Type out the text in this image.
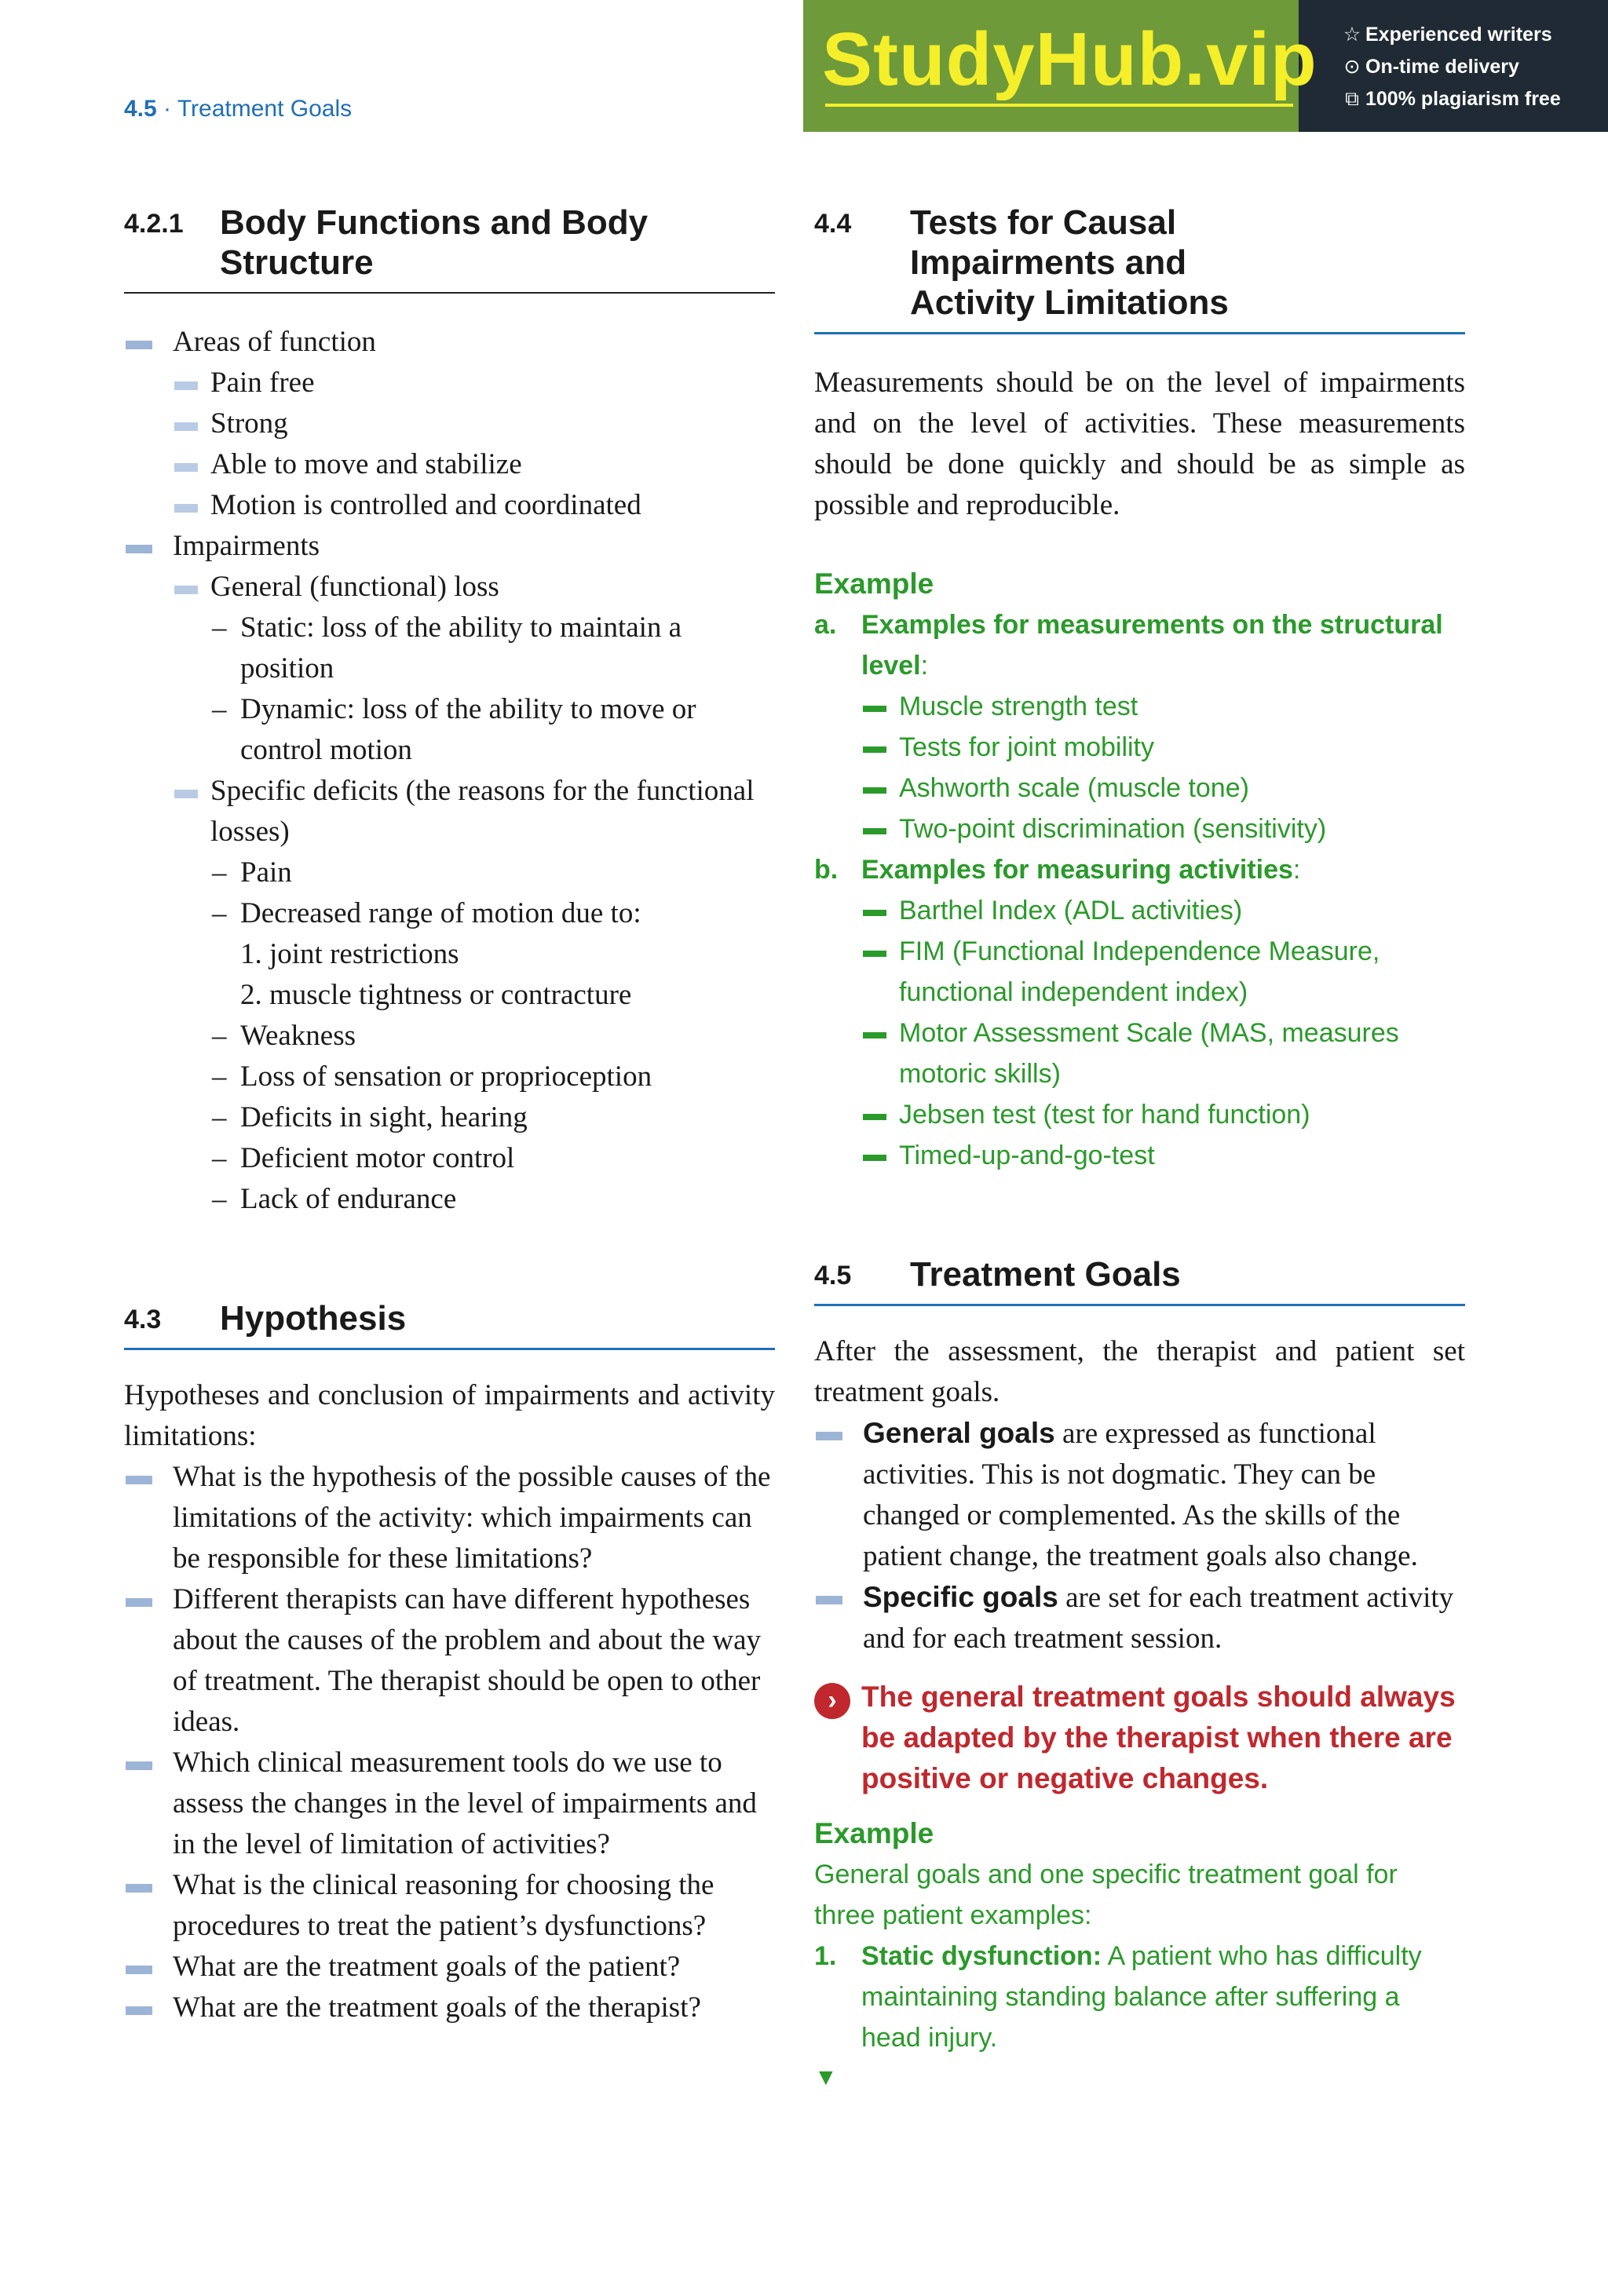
4.5 · Treatment Goals
StudyHub.vip ☆ Experienced writers
⊙ On-time delivery
⧉ 100% plagiarism free
4.2.1	Body Functions and Body Structure
Areas of function
Pain free
Strong
Able to move and stabilize
Motion is controlled and coordinated
Impairments
General (functional) loss
– Static: loss of the ability to maintain a position
– Dynamic: loss of the ability to move or control motion
Specific deficits (the reasons for the functional losses)
– Pain
– Decreased range of motion due to:
1. joint restrictions
2. muscle tightness or contracture
– Weakness
– Loss of sensation or proprioception
– Deficits in sight, hearing
– Deficient motor control
– Lack of endurance
4.3	Hypothesis
Hypotheses and conclusion of impairments and activity limitations:
What is the hypothesis of the possible causes of the limitations of the activity: which impairments can be responsible for these limitations?
Different therapists can have different hypotheses about the causes of the problem and about the way of treatment. The therapist should be open to other ideas.
Which clinical measurement tools do we use to assess the changes in the level of impairments and in the level of limitation of activities?
What is the clinical reasoning for choosing the procedures to treat the patient’s dysfunctions?
What are the treatment goals of the patient?
What are the treatment goals of the therapist?
4.4	Tests for Causal Impairments and Activity Limitations
Measurements should be on the level of impairments and on the level of activities. These measurements should be done quickly and should be as simple as possible and reproducible.
Example
a. Examples for measurements on the structural level:
Muscle strength test
Tests for joint mobility
Ashworth scale (muscle tone)
Two-point discrimination (sensitivity)
b. Examples for measuring activities:
Barthel Index (ADL activities)
FIM (Functional Independence Measure, functional independent index)
Motor Assessment Scale (MAS, measures motoric skills)
Jebsen test (test for hand function)
Timed-up-and-go-test
4.5	Treatment Goals
After the assessment, the therapist and patient set treatment goals.
General goals are expressed as functional activities. This is not dogmatic. They can be changed or complemented. As the skills of the patient change, the treatment goals also change.
Specific goals are set for each treatment activity and for each treatment session.
› The general treatment goals should always be adapted by the therapist when there are positive or negative changes.
Example
General goals and one specific treatment goal for three patient examples:
1. Static dysfunction: A patient who has difficulty maintaining standing balance after suffering a head injury.
▼
